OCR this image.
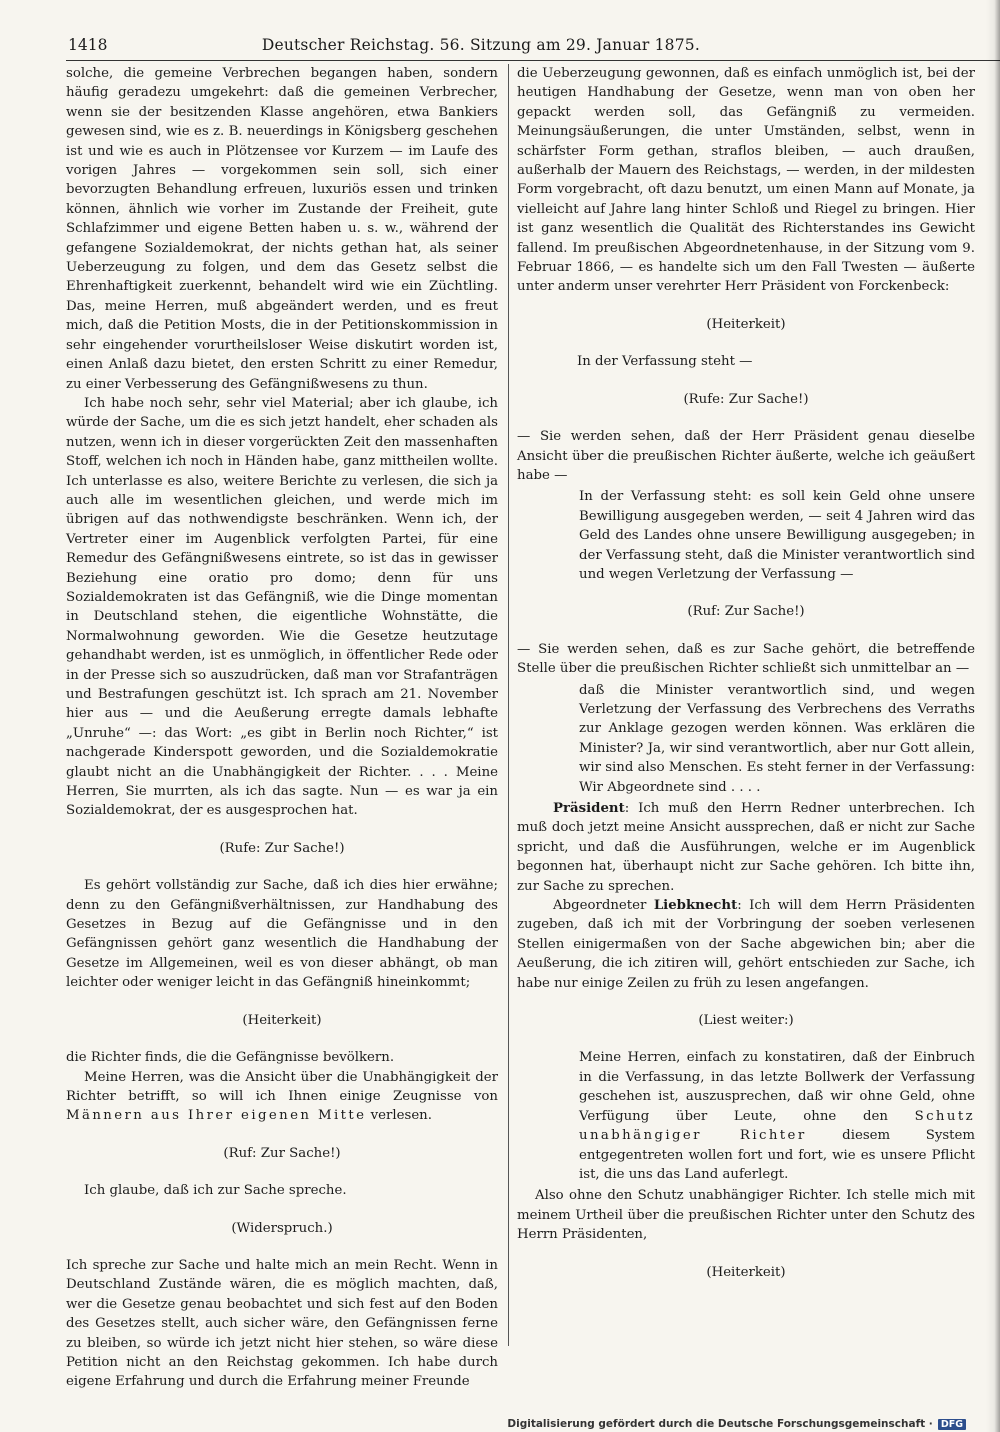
1418	Deutscher Reichstag. 56. Sitzung am 29. Januar 1875.

solche, die gemeine Verbrechen begangen haben, sondern häufig geradezu umgekehrt: daß die gemeinen Verbrecher, wenn sie der besitzenden Klasse angehören, etwa Bankiers gewesen sind, wie es z. B. neuerdings in Königsberg geschehen ist und wie es auch in Plötzensee vor Kurzem — im Laufe des vorigen Jahres — vorgekommen sein soll, sich einer bevorzugten Behandlung erfreuen, luxuriös essen und trinken können, ähnlich wie vorher im Zustande der Freiheit, gute Schlafzimmer und eigene Betten haben u. s. w., während der gefangene Sozialdemokrat, der nichts gethan hat, als seiner Ueberzeugung zu folgen, und dem das Gesetz selbst die Ehrenhaftigkeit zuerkennt, behandelt wird wie ein Züchtling. Das, meine Herren, muß abgeändert werden, und es freut mich, daß die Petition Mosts, die in der Petitionskommission in sehr eingehender vorurtheilsloser Weise diskutirt worden ist, einen Anlaß dazu bietet, den ersten Schritt zu einer Remedur, zu einer Verbesserung des Gefängnißwesens zu thun.

Ich habe noch sehr, sehr viel Material; aber ich glaube, ich würde der Sache, um die es sich jetzt handelt, eher schaden als nutzen, wenn ich in dieser vorgerückten Zeit den massenhaften Stoff, welchen ich noch in Händen habe, ganz mittheilen wollte. Ich unterlasse es also, weitere Berichte zu verlesen, die sich ja auch alle im wesentlichen gleichen, und werde mich im übrigen auf das nothwendigste beschränken. Wenn ich, der Vertreter einer im Augenblick verfolgten Partei, für eine Remedur des Gefängnißwesens eintrete, so ist das in gewisser Beziehung eine oratio pro domo; denn für uns Sozialdemokraten ist das Gefängniß, wie die Dinge momentan in Deutschland stehen, die eigentliche Wohnstätte, die Normalwohnung geworden. Wie die Gesetze heutzutage gehandhabt werden, ist es unmöglich, in öffentlicher Rede oder in der Presse sich so auszudrücken, daß man vor Strafanträgen und Bestrafungen geschützt ist. Ich sprach am 21. November hier aus — und die Aeußerung erregte damals lebhafte „Unruhe“ —: das Wort: „es gibt in Berlin noch Richter,“ ist nachgerade Kinderspott geworden, und die Sozialdemokratie glaubt nicht an die Unabhängigkeit der Richter. . . . Meine Herren, Sie murrten, als ich das sagte. Nun — es war ja ein Sozialdemokrat, der es ausgesprochen hat.

(Rufe: Zur Sache!)

Es gehört vollständig zur Sache, daß ich dies hier erwähne; denn zu den Gefängnißverhältnissen, zur Handhabung des Gesetzes in Bezug auf die Gefängnisse und in den Gefängnissen gehört ganz wesentlich die Handhabung der Gesetze im Allgemeinen, weil es von dieser abhängt, ob man leichter oder weniger leicht in das Gefängniß hineinkommt;

(Heiterkeit)

die Richter finds, die die Gefängnisse bevölkern.

Meine Herren, was die Ansicht über die Unabhängigkeit der Richter betrifft, so will ich Ihnen einige Zeugnisse von Männern aus Ihrer eigenen Mitte verlesen.

(Ruf: Zur Sache!)

Ich glaube, daß ich zur Sache spreche.

(Widerspruch.)

Ich spreche zur Sache und halte mich an mein Recht. Wenn in Deutschland Zustände wären, die es möglich machten, daß, wer die Gesetze genau beobachtet und sich fest auf den Boden des Gesetzes stellt, auch sicher wäre, den Gefängnissen ferne zu bleiben, so würde ich jetzt nicht hier stehen, so wäre diese Petition nicht an den Reichstag gekommen. Ich habe durch eigene Erfahrung und durch die Erfahrung meiner Freunde

die Ueberzeugung gewonnen, daß es einfach unmöglich ist, bei der heutigen Handhabung der Gesetze, wenn man von oben her gepackt werden soll, das Gefängniß zu vermeiden. Meinungsäußerungen, die unter Umständen, selbst, wenn in schärfster Form gethan, straflos bleiben, — auch draußen, außerhalb der Mauern des Reichstags, — werden, in der mildesten Form vorgebracht, oft dazu benutzt, um einen Mann auf Monate, ja vielleicht auf Jahre lang hinter Schloß und Riegel zu bringen. Hier ist ganz wesentlich die Qualität des Richterstandes ins Gewicht fallend. Im preußischen Abgeordnetenhause, in der Sitzung vom 9. Februar 1866, — es handelte sich um den Fall Twesten — äußerte unter anderm unser verehrter Herr Präsident von Forckenbeck:

(Heiterkeit)

In der Verfassung steht —

(Rufe: Zur Sache!)

— Sie werden sehen, daß der Herr Präsident genau dieselbe Ansicht über die preußischen Richter äußerte, welche ich geäußert habe —

In der Verfassung steht: es soll kein Geld ohne unsere Bewilligung ausgegeben werden, — seit 4 Jahren wird das Geld des Landes ohne unsere Bewilligung ausgegeben; in der Verfassung steht, daß die Minister verantwortlich sind und wegen Verletzung der Verfassung —

(Ruf: Zur Sache!)

— Sie werden sehen, daß es zur Sache gehört, die betreffende Stelle über die preußischen Richter schließt sich unmittelbar an —

daß die Minister verantwortlich sind, und wegen Verletzung der Verfassung des Verbrechens des Verraths zur Anklage gezogen werden können. Was erklären die Minister? Ja, wir sind verantwortlich, aber nur Gott allein, wir sind also Menschen. Es steht ferner in der Verfassung: Wir Abgeordnete sind . . . .

Präsident: Ich muß den Herrn Redner unterbrechen. Ich muß doch jetzt meine Ansicht aussprechen, daß er nicht zur Sache spricht, und daß die Ausführungen, welche er im Augenblick begonnen hat, überhaupt nicht zur Sache gehören. Ich bitte ihn, zur Sache zu sprechen.

Abgeordneter Liebknecht: Ich will dem Herrn Präsidenten zugeben, daß ich mit der Vorbringung der soeben verlesenen Stellen einigermaßen von der Sache abgewichen bin; aber die Aeußerung, die ich zitiren will, gehört entschieden zur Sache, ich habe nur einige Zeilen zu früh zu lesen angefangen.

(Liest weiter:)

Meine Herren, einfach zu konstatiren, daß der Einbruch in die Verfassung, in das letzte Bollwerk der Verfassung geschehen ist, auszusprechen, daß wir ohne Geld, ohne Verfügung über Leute, ohne den Schutz unabhängiger Richter diesem System entgegentreten wollen fort und fort, wie es unsere Pflicht ist, die uns das Land auferlegt.

Also ohne den Schutz unabhängiger Richter. Ich stelle mich mit meinem Urtheil über die preußischen Richter unter den Schutz des Herrn Präsidenten,

(Heiterkeit)

Digitalisierung gefördert durch die Deutsche Forschungsgemeinschaft · DFG
